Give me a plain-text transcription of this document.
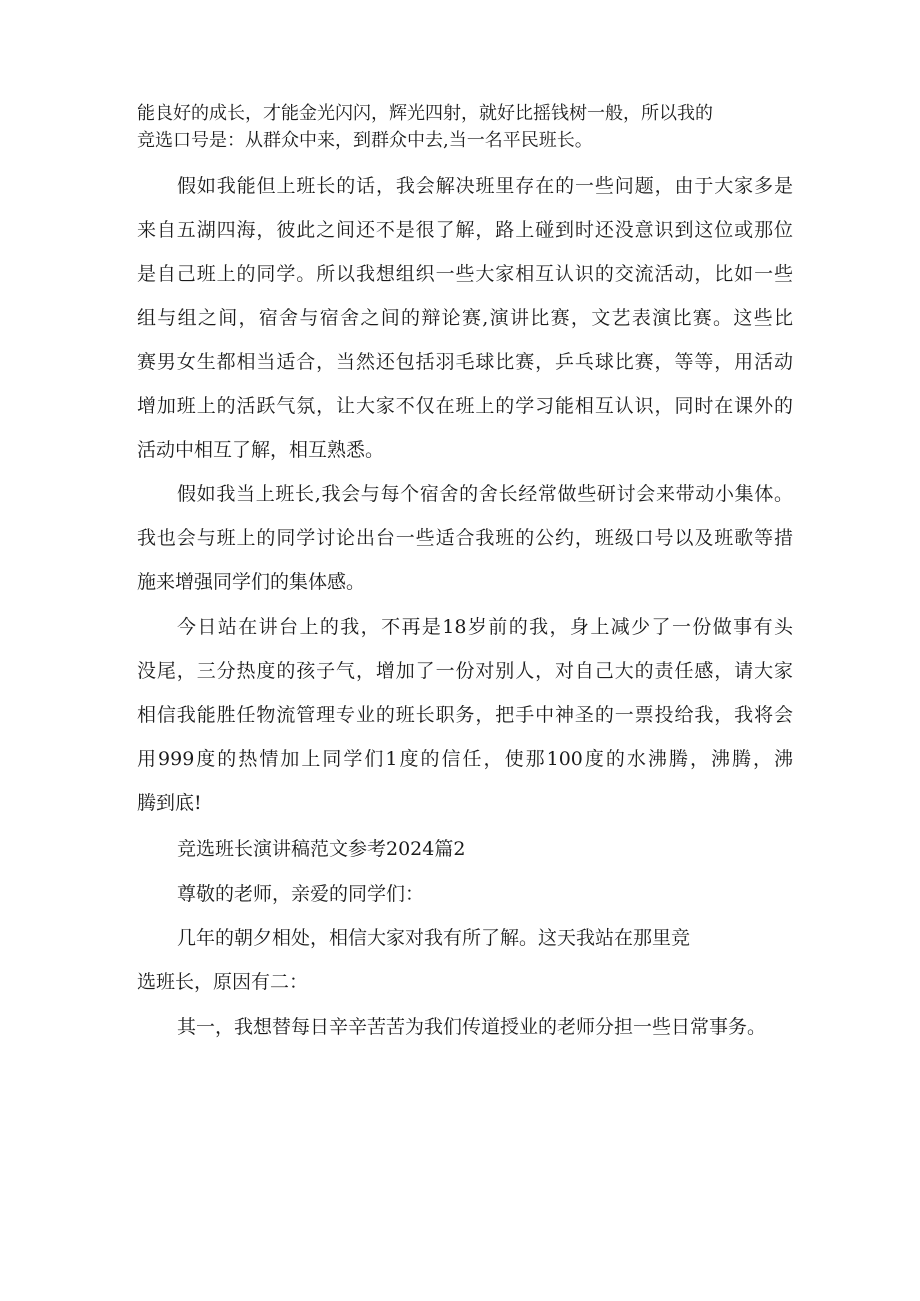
能良好的成长，才能金光闪闪，辉光四射，就好比摇钱树一般，所以我的
竞选口号是：从群众中来，到群众中去,当一名平民班长。
假如我能但上班长的话，我会解决班里存在的一些问题，由于大家多是
来自五湖四海，彼此之间还不是很了解，路上碰到时还没意识到这位或那位
是自己班上的同学。所以我想组织一些大家相互认识的交流活动，比如一些
组与组之间，宿舍与宿舍之间的辩论赛,演讲比赛，文艺表演比赛。这些比
赛男女生都相当适合，当然还包括羽毛球比赛，乒乓球比赛，等等，用活动
增加班上的活跃气氛，让大家不仅在班上的学习能相互认识，同时在课外的
活动中相互了解，相互熟悉。
假如我当上班长,我会与每个宿舍的舍长经常做些研讨会来带动小集体。
我也会与班上的同学讨论出台一些适合我班的公约，班级口号以及班歌等措
施来增强同学们的集体感。
今日站在讲台上的我，不再是18岁前的我，身上减少了一份做事有头
没尾，三分热度的孩子气，增加了一份对别人，对自己大的责任感，请大家
相信我能胜任物流管理专业的班长职务，把手中神圣的一票投给我，我将会
用999度的热情加上同学们1度的信任，使那100度的水沸腾，沸腾，沸
腾到底!
竞选班长演讲稿范文参考2024篇2
尊敬的老师，亲爱的同学们：
几年的朝夕相处，相信大家对我有所了解。这天我站在那里竞
选班长，原因有二：
其一，我想替每日辛辛苦苦为我们传道授业的老师分担一些日常事务。
